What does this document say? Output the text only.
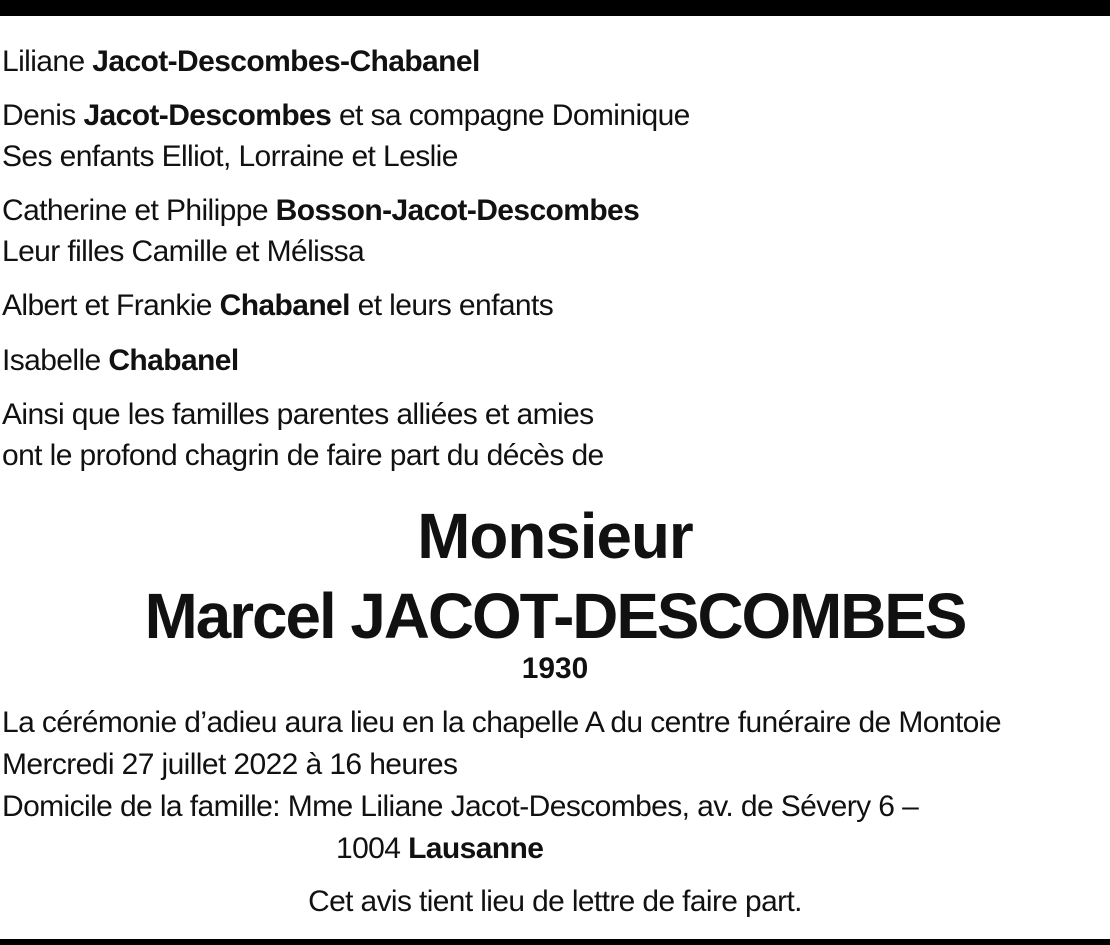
Liliane Jacot-Descombes-Chabanel
Denis Jacot-Descombes et sa compagne Dominique
Ses enfants Elliot, Lorraine et Leslie
Catherine et Philippe Bosson-Jacot-Descombes
Leur filles Camille et Mélissa
Albert et Frankie Chabanel et leurs enfants
Isabelle Chabanel
Ainsi que les familles parentes alliées et amies
ont le profond chagrin de faire part du décès de
Monsieur
Marcel JACOT-DESCOMBES
1930
La cérémonie d’adieu aura lieu en la chapelle A du centre funéraire de Montoie
Mercredi 27 juillet 2022 à 16 heures
Domicile de la famille: Mme Liliane Jacot-Descombes, av. de Sévery 6 –
1004 Lausanne
Cet avis tient lieu de lettre de faire part.
